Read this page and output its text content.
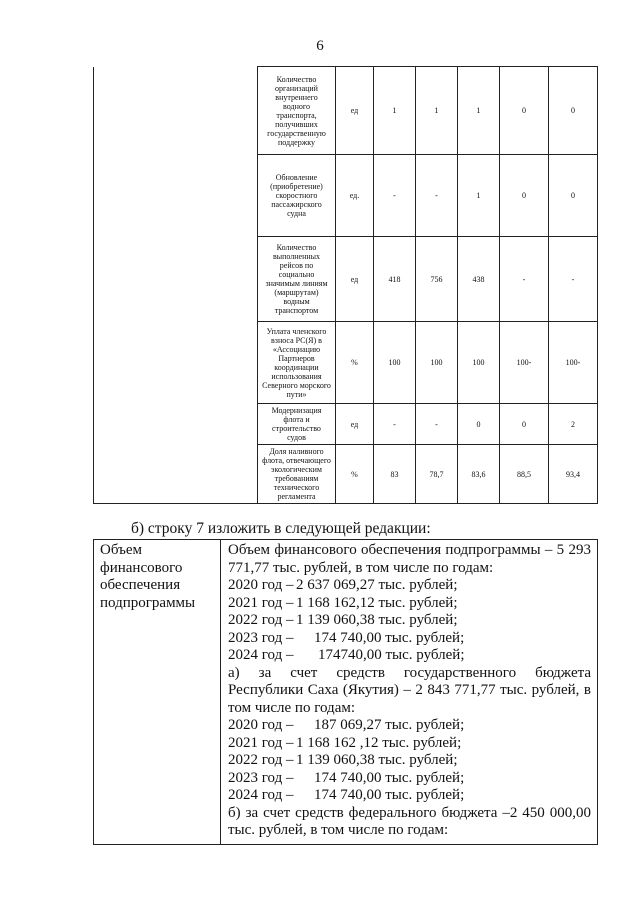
6
	Количество организаций внутреннего водного транспорта, получивших государственную поддержку	ед	1	1	1	0	0
	Обновление (приобретение) скоростного пассажирского судна	ед.	-	-	1	0	0
	Количество выполненных рейсов по социально значимым линиям (маршрутам) водным транспортом	ед	418	756	438	-	-
	Уплата членского взноса РС(Я) в «Ассоциацию Партнеров координации использования Северного морского пути»	%	100	100	100	100-	100-
	Модернизация флота и строительство судов	ед	-	-	0	0	2
	Доля наливного флота, отвечающего экологическим требованиям технического регламента	%	83	78,7	83,6	88,5	93,4
б) строку 7 изложить в следующей редакции:
Объем финансового обеспечения подпрограммы	
Объем финансового обеспечения подпрограммы – 5 293 771,77 тыс. рублей, в том числе по годам:
2020 год – 2 637 069,27 тыс. рублей;
2021 год – 1 168 162,12 тыс. рублей;
2022 год – 1 139 060,38 тыс. рублей;
2023 год – 174 740,00 тыс. рублей;
2024 год – 174740,00 тыс. рублей;
а) за счет средств государственного бюджета Республики Саха (Якутия) – 2 843 771,77 тыс. рублей, в том числе по годам:
2020 год – 187 069,27 тыс. рублей;
2021 год – 1 168 162 ,12 тыс. рублей;
2022 год – 1 139 060,38 тыс. рублей;
2023 год – 174 740,00 тыс. рублей;
2024 год – 174 740,00 тыс. рублей;
б) за счет средств федерального бюджета –2 450 000,00 тыс. рублей, в том числе по годам:
